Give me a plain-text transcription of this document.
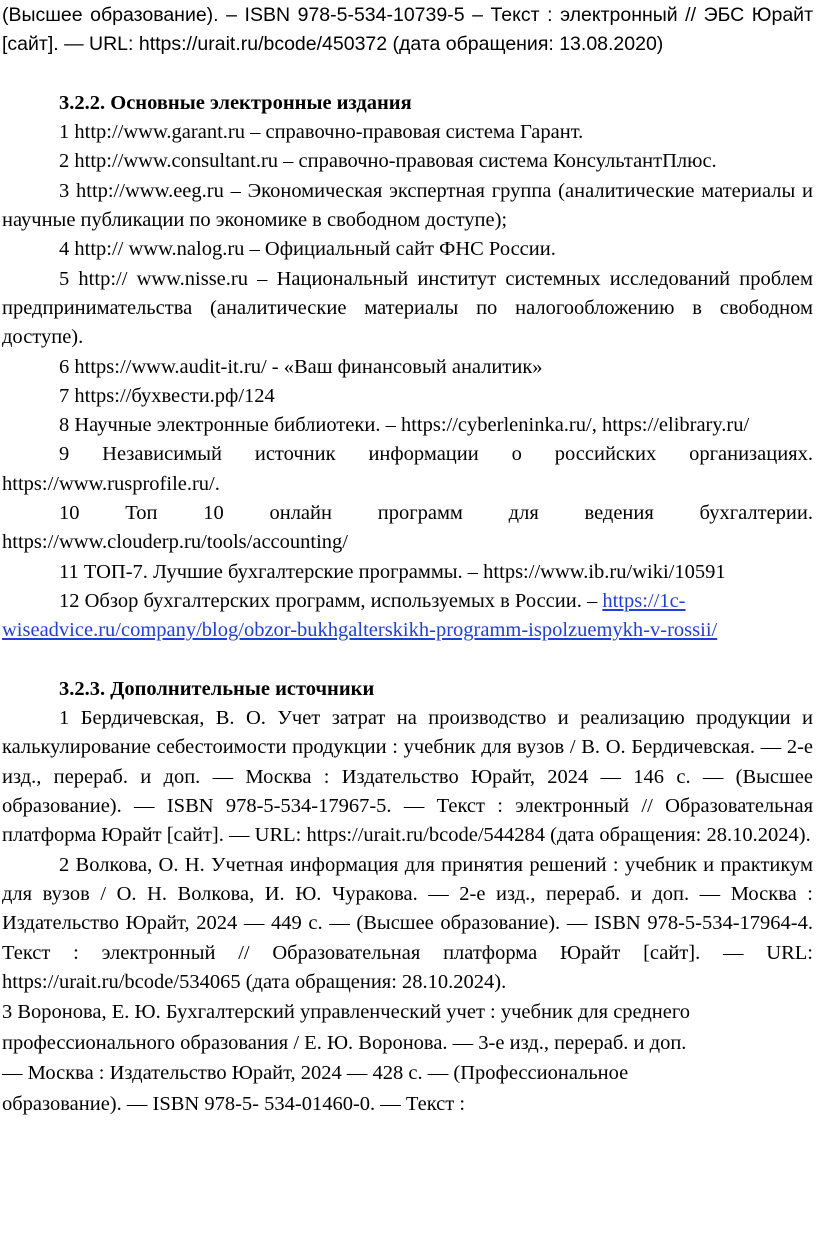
(Высшее образование). – ISBN 978-5-534-10739-5 – Текст : электронный // ЭБС Юрайт [сайт]. — URL: https://urait.ru/bcode/450372 (дата обращения: 13.08.2020)

3.2.2. Основные электронные издания

1 http://www.garant.ru – справочно-правовая система Гарант.

2 http://www.consultant.ru – справочно-правовая система КонсультантПлюс.

3 http://www.eeg.ru – Экономическая экспертная группа (аналитические материалы и научные публикации по экономике в свободном доступе);

4 http:// www.nalog.ru – Официальный сайт ФНС России.

5 http:// www.nisse.ru – Национальный институт системных исследований проблем предпринимательства (аналитические материалы по налогообложению в свободном доступе).

6 https://www.audit-it.ru/ - «Ваш финансовый аналитик»

7 https://бухвести.рф/124

8 Научные электронные библиотеки. – https://cyberleninka.ru/, https://elibrary.ru/

9 Независимый источник информации о российских организациях. https://www.rusprofile.ru/.

10 Топ 10 онлайн программ для ведения бухгалтерии. https://www.clouderp.ru/tools/accounting/

11 ТОП-7. Лучшие бухгалтерские программы. – https://www.ib.ru/wiki/10591

12 Обзор бухгалтерских программ, используемых в России. – https://1c-wiseadvice.ru/company/blog/obzor-bukhgalterskikh-programm-ispolzuemykh-v-rossii/

3.2.3. Дополнительные источники

1 Бердичевская, В. О. Учет затрат на производство и реализацию продукции и калькулирование себестоимости продукции : учебник для вузов / В. О. Бердичевская. — 2-е изд., перераб. и доп. — Москва : Издательство Юрайт, 2024 — 146 с. — (Высшее образование). — ISBN 978-5-534-17967-5. — Текст : электронный // Образовательная платформа Юрайт [сайт]. — URL: https://urait.ru/bcode/544284 (дата обращения: 28.10.2024).

2 Волкова, О. Н. Учетная информация для принятия решений : учебник и практикум для вузов / О. Н. Волкова, И. Ю. Чуракова. — 2-е изд., перераб. и доп. — Москва : Издательство Юрайт, 2024 — 449 с. — (Высшее образование). — ISBN 978-5-534-17964-4. Текст : электронный // Образовательная платформа Юрайт [сайт]. — URL: https://urait.ru/bcode/534065 (дата обращения: 28.10.2024).

3 Воронова, Е. Ю. Бухгалтерский управленческий учет : учебник для среднего
профессионального образования / Е. Ю. Воронова. — 3-е изд., перераб. и доп.
— Москва : Издательство Юрайт, 2024 — 428 с. — (Профессиональное
образование). — ISBN 978-5- 534-01460-0. — Текст :
